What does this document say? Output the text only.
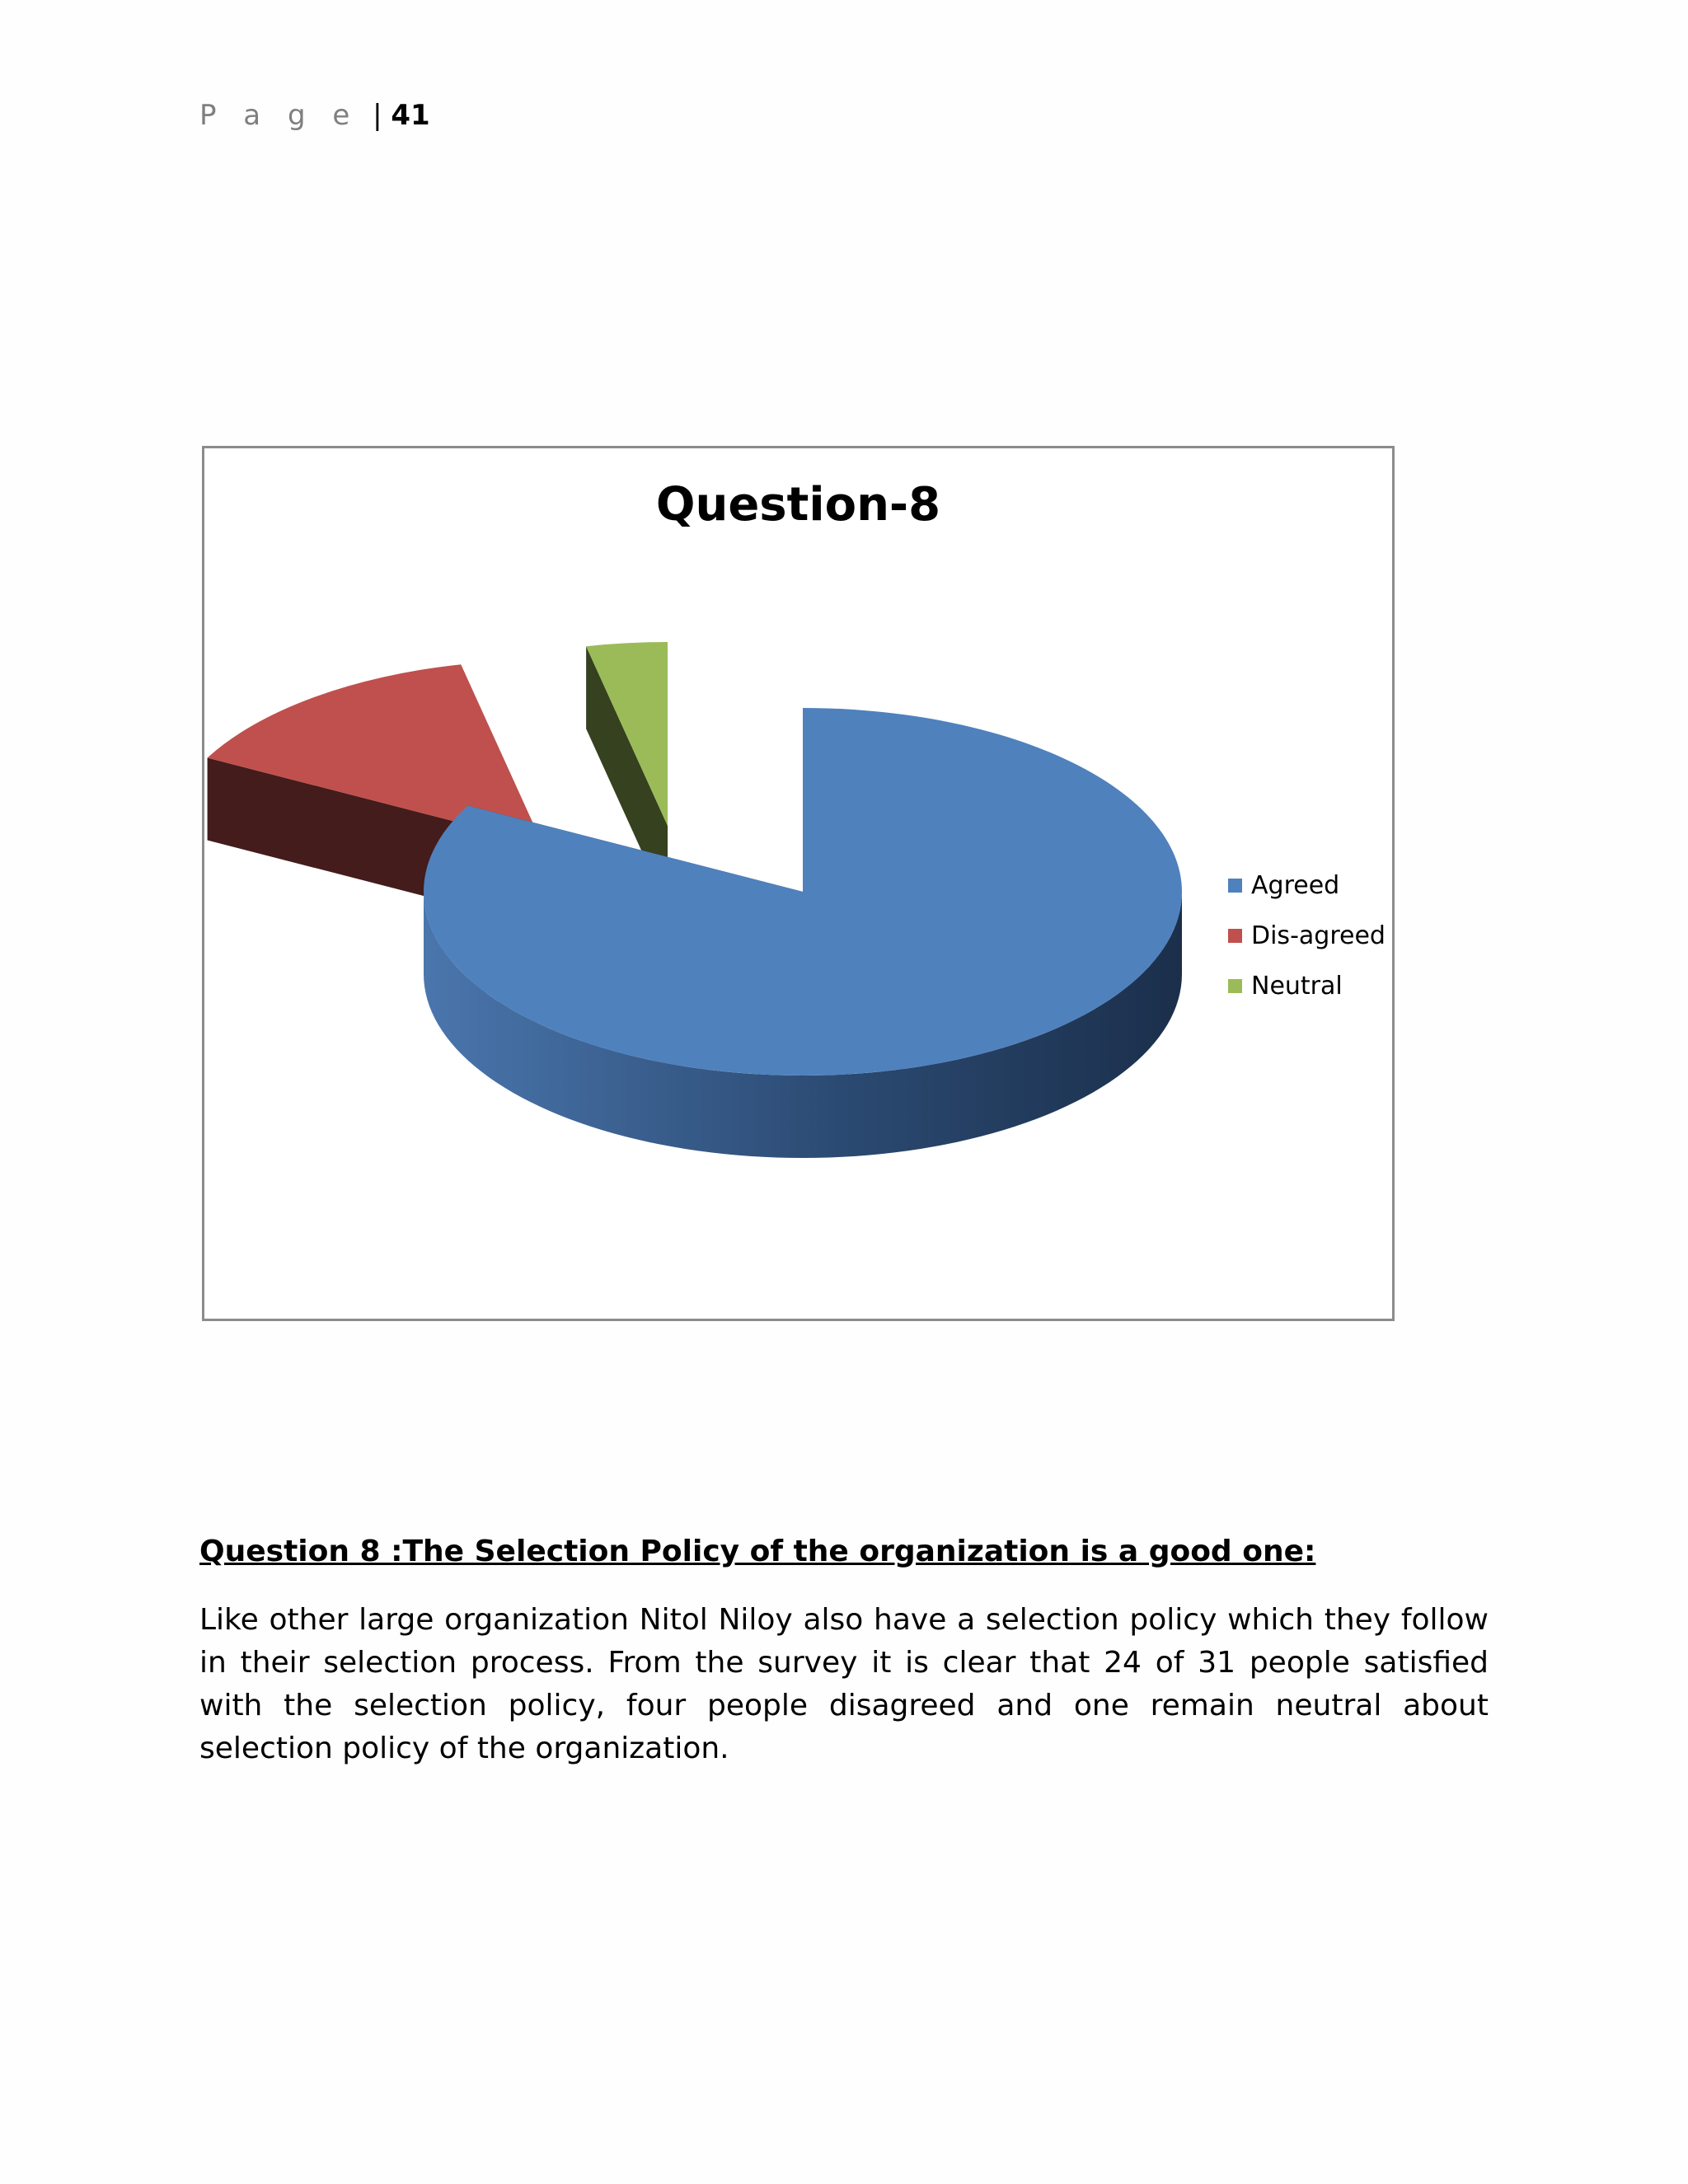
P a g e | 41
Question-8
Agreed
Dis-agreed
Neutral
Question 8 :The Selection Policy of the organization is a good one:

Like other large organization Nitol Niloy also have a selection policy which they follow in their selection process. From the survey it is clear that 24 of 31 people satisfied with the selection policy, four people disagreed and one remain neutral about selection policy of the organization.
